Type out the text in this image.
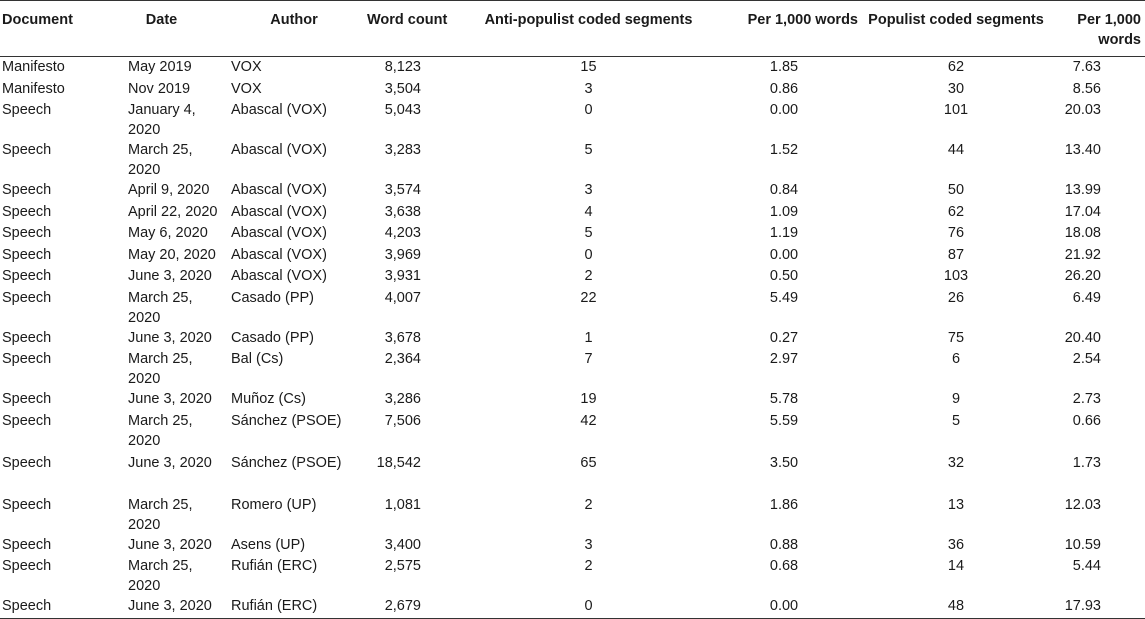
Document	Date	Author	Word count	Anti-populist coded segments	Per 1,000 words	Populist coded segments	Per 1,000 words
Manifesto	May 2019	VOX	8,123	15	1.85	62	7.63
Manifesto	Nov 2019	VOX	3,504	3	0.86	30	8.56
Speech	January 4, 2020	Abascal (VOX)	5,043	0	0.00	101	20.03
Speech	March 25, 2020	Abascal (VOX)	3,283	5	1.52	44	13.40
Speech	April 9, 2020	Abascal (VOX)	3,574	3	0.84	50	13.99
Speech	April 22, 2020	Abascal (VOX)	3,638	4	1.09	62	17.04
Speech	May 6, 2020	Abascal (VOX)	4,203	5	1.19	76	18.08
Speech	May 20, 2020	Abascal (VOX)	3,969	0	0.00	87	21.92
Speech	June 3, 2020	Abascal (VOX)	3,931	2	0.50	103	26.20
Speech	March 25, 2020	Casado (PP)	4,007	22	5.49	26	6.49
Speech	June 3, 2020	Casado (PP)	3,678	1	0.27	75	20.40
Speech	March 25, 2020	Bal (Cs)	2,364	7	2.97	6	2.54
Speech	June 3, 2020	Muñoz (Cs)	3,286	19	5.78	9	2.73
Speech	March 25, 2020	Sánchez (PSOE)	7,506	42	5.59	5	0.66
Speech	June 3, 2020	Sánchez (PSOE)	18,542	65	3.50	32	1.73
Speech	March 25, 2020	Romero (UP)	1,081	2	1.86	13	12.03
Speech	June 3, 2020	Asens (UP)	3,400	3	0.88	36	10.59
Speech	March 25, 2020	Rufián (ERC)	2,575	2	0.68	14	5.44
Speech	June 3, 2020	Rufián (ERC)	2,679	0	0.00	48	17.93
